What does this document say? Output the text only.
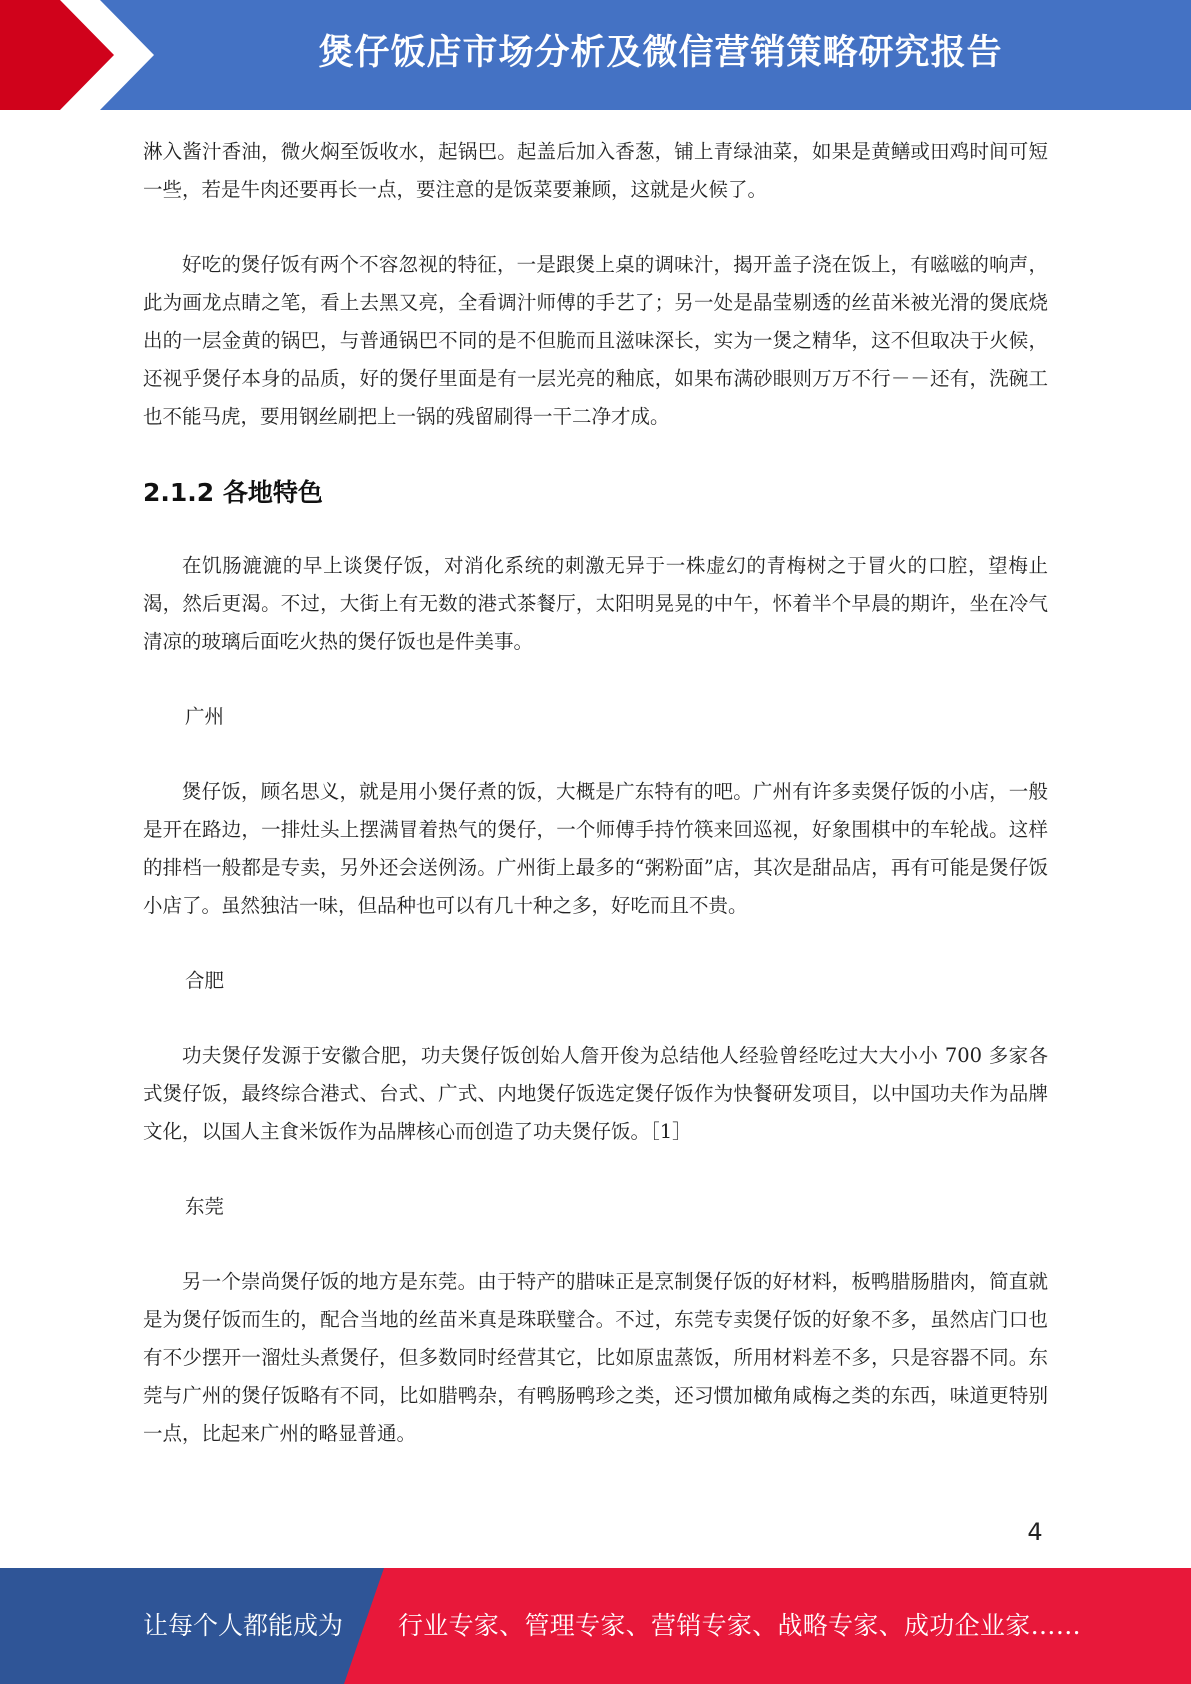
煲仔饭店市场分析及微信营销策略研究报告

淋入酱汁香油，微火焖至饭收水，起锅巴。起盖后加入香葱，铺上青绿油菜，如果是黄鳝或田鸡时间可短一些，若是牛肉还要再长一点，要注意的是饭菜要兼顾，这就是火候了。

好吃的煲仔饭有两个不容忽视的特征，一是跟煲上桌的调味汁，揭开盖子浇在饭上，有嗞嗞的响声，此为画龙点睛之笔，看上去黑又亮，全看调汁师傅的手艺了；另一处是晶莹剔透的丝苗米被光滑的煲底烧出的一层金黄的锅巴，与普通锅巴不同的是不但脆而且滋味深长，实为一煲之精华，这不但取决于火候，还视乎煲仔本身的品质，好的煲仔里面是有一层光亮的釉底，如果布满砂眼则万万不行－－还有，洗碗工也不能马虎，要用钢丝刷把上一锅的残留刷得一干二净才成。

2.1.2 各地特色

在饥肠漉漉的早上谈煲仔饭，对消化系统的刺激无异于一株虚幻的青梅树之于冒火的口腔，望梅止渴，然后更渴。不过，大街上有无数的港式茶餐厅，太阳明晃晃的中午，怀着半个早晨的期许，坐在冷气清凉的玻璃后面吃火热的煲仔饭也是件美事。

广州

煲仔饭，顾名思义，就是用小煲仔煮的饭，大概是广东特有的吧。广州有许多卖煲仔饭的小店，一般是开在路边，一排灶头上摆满冒着热气的煲仔，一个师傅手持竹筷来回巡视，好象围棋中的车轮战。这样的排档一般都是专卖，另外还会送例汤。广州街上最多的“粥粉面”店，其次是甜品店，再有可能是煲仔饭小店了。虽然独沽一味，但品种也可以有几十种之多，好吃而且不贵。

合肥

功夫煲仔发源于安徽合肥，功夫煲仔饭创始人詹开俊为总结他人经验曾经吃过大大小小 700 多家各式煲仔饭，最终综合港式、台式、广式、内地煲仔饭选定煲仔饭作为快餐研发项目，以中国功夫作为品牌文化，以国人主食米饭作为品牌核心而创造了功夫煲仔饭。［1］

东莞

另一个崇尚煲仔饭的地方是东莞。由于特产的腊味正是烹制煲仔饭的好材料，板鸭腊肠腊肉，简直就是为煲仔饭而生的，配合当地的丝苗米真是珠联璧合。不过，东莞专卖煲仔饭的好象不多，虽然店门口也有不少摆开一溜灶头煮煲仔，但多数同时经营其它，比如原盅蒸饭，所用材料差不多，只是容器不同。东莞与广州的煲仔饭略有不同，比如腊鸭杂，有鸭肠鸭珍之类，还习惯加橄角咸梅之类的东西，味道更特别一点，比起来广州的略显普通。

4
让每个人都能成为 行业专家、管理专家、营销专家、战略专家、成功企业家……
